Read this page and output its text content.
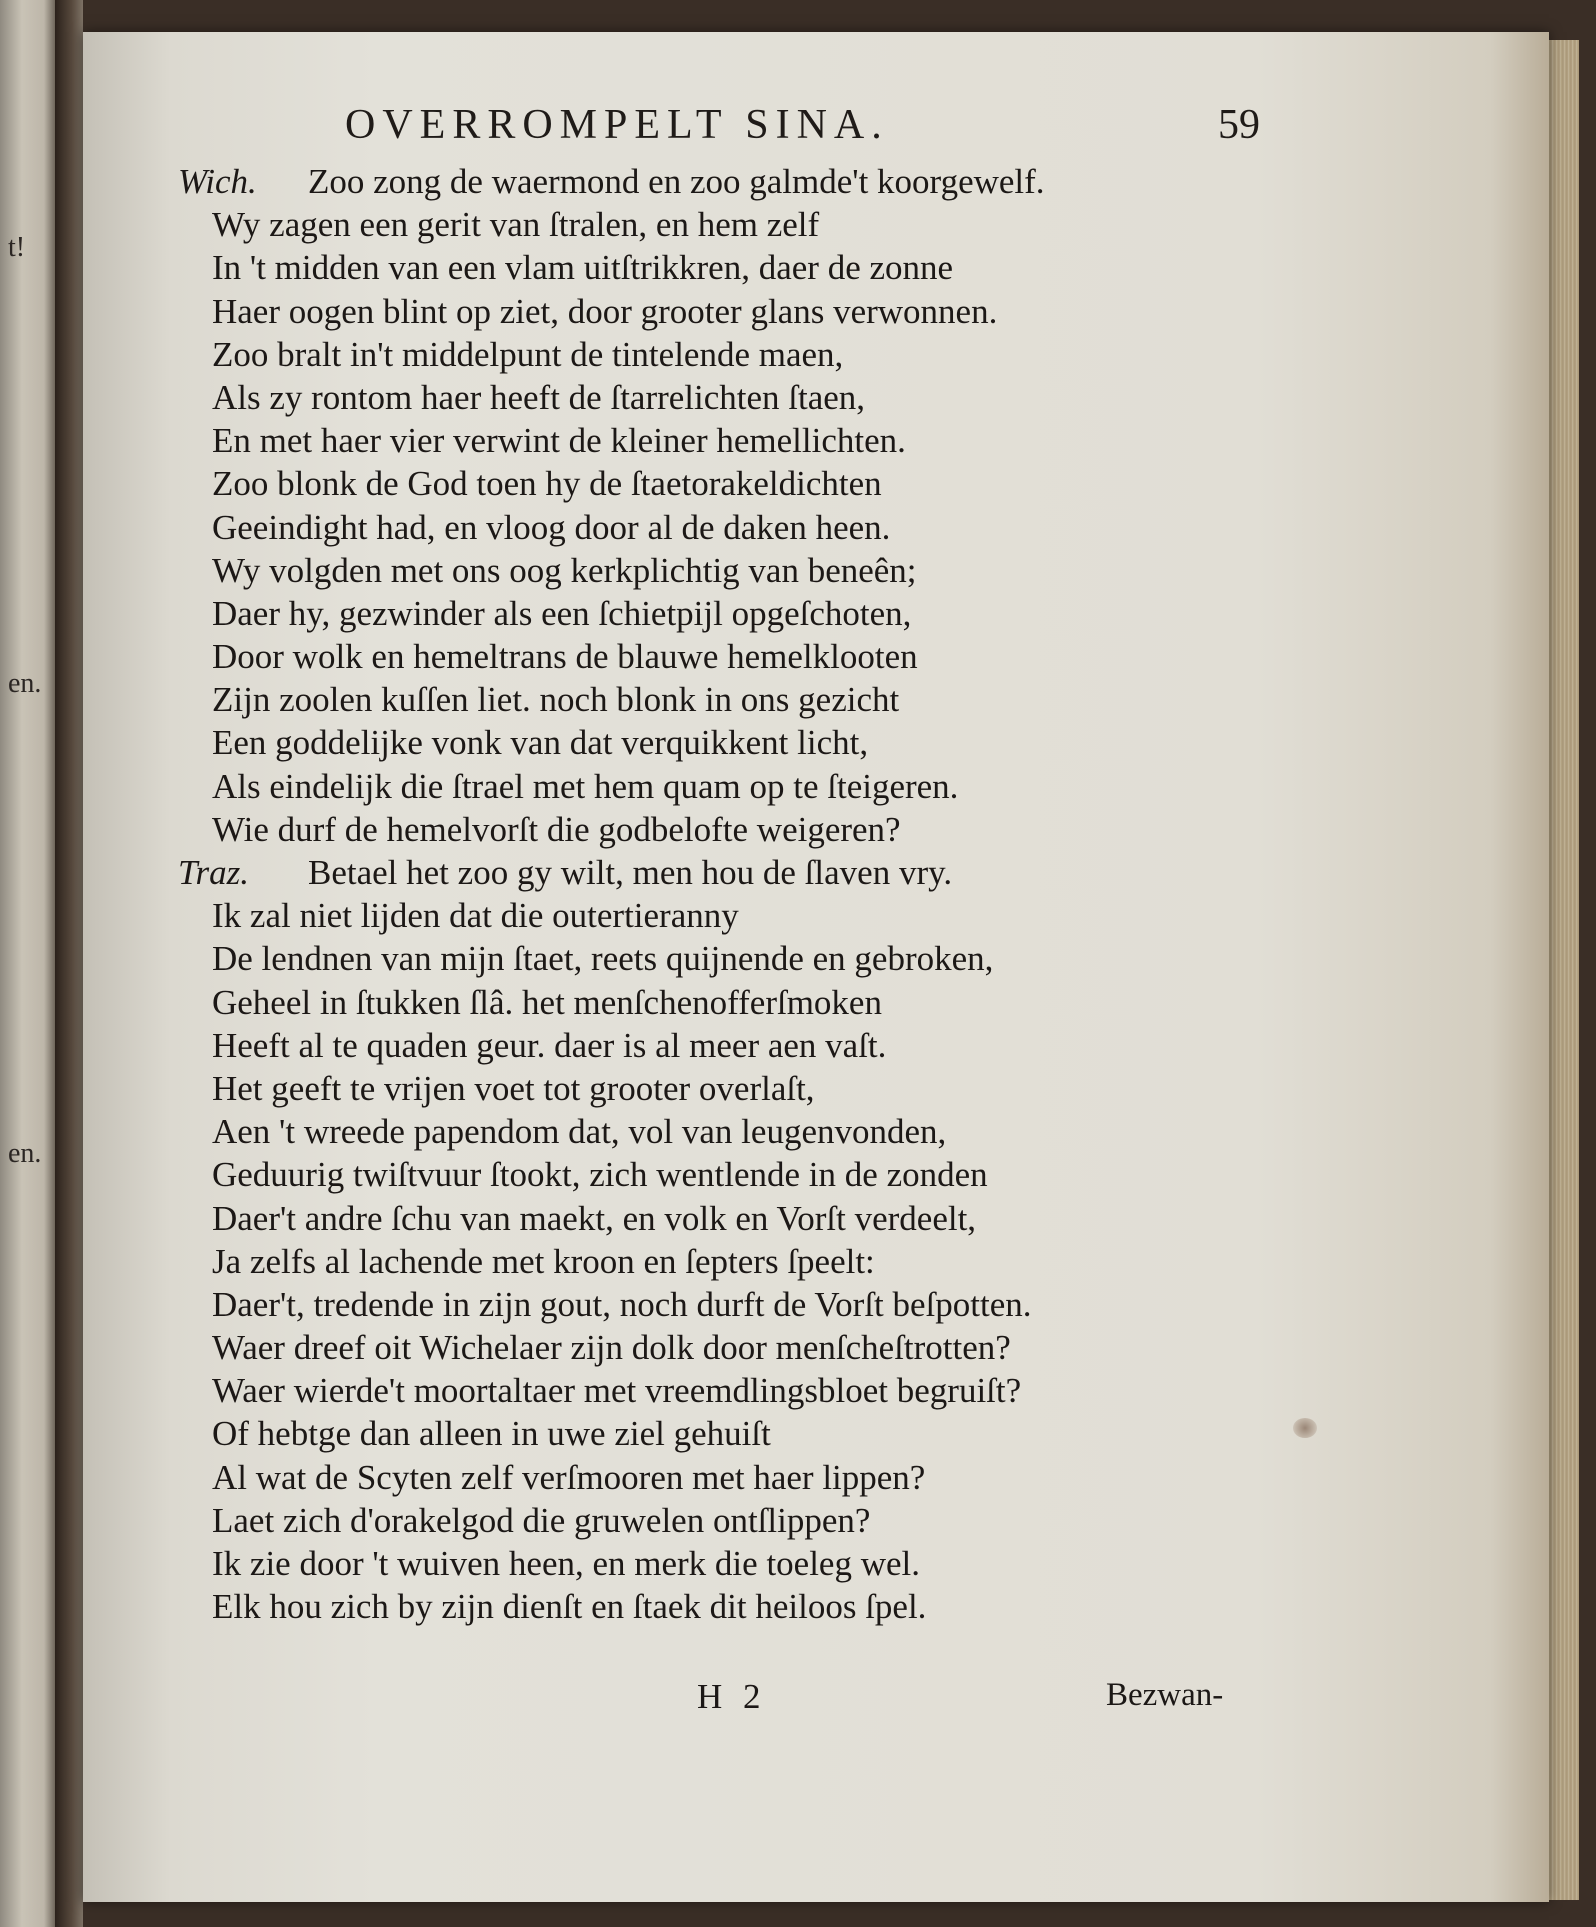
t!
en.
en.
OVERROMPELT SINA.	59
Wich. Zoo zong de waermond en zoo galmde't koorgewelf.
Wy zagen een gerit van ſtralen, en hem zelf
In 't midden van een vlam uitſtrikkren, daer de zonne
Haer oogen blint op ziet, door grooter glans verwonnen.
Zoo bralt in't middelpunt de tintelende maen,
Als zy rontom haer heeft de ſtarrelichten ſtaen,
En met haer vier verwint de kleiner hemellichten.
Zoo blonk de God toen hy de ſtaetorakeldichten
Geeindight had, en vloog door al de daken heen.
Wy volgden met ons oog kerkplichtig van beneên;
Daer hy, gezwinder als een ſchietpijl opgeſchoten,
Door wolk en hemeltrans de blauwe hemelklooten
Zijn zoolen kuſſen liet. noch blonk in ons gezicht
Een goddelijke vonk van dat verquikkent licht,
Als eindelijk die ſtrael met hem quam op te ſteigeren.
Wie durf de hemelvorſt die godbelofte weigeren?
Traz. Betael het zoo gy wilt, men hou de ſlaven vry.
Ik zal niet lijden dat die outertieranny
De lendnen van mijn ſtaet, reets quijnende en gebroken,
Geheel in ſtukken ſlâ. het menſchenofferſmoken
Heeft al te quaden geur. daer is al meer aen vaſt.
Het geeft te vrijen voet tot grooter overlaſt,
Aen 't wreede papendom dat, vol van leugenvonden,
Geduurig twiſtvuur ſtookt, zich wentlende in de zonden
Daer't andre ſchu van maekt, en volk en Vorſt verdeelt,
Ja zelfs al lachende met kroon en ſepters ſpeelt:
Daer't, tredende in zijn gout, noch durft de Vorſt beſpotten.
Waer dreef oit Wichelaer zijn dolk door menſcheſtrotten?
Waer wierde't moortaltaer met vreemdlingsbloet begruiſt?
Of hebtge dan alleen in uwe ziel gehuiſt
Al wat de Scyten zelf verſmooren met haer lippen?
Laet zich d'orakelgod die gruwelen ontſlippen?
Ik zie door 't wuiven heen, en merk die toeleg wel.
Elk hou zich by zijn dienſt en ſtaek dit heiloos ſpel.
H 2	Bezwan-
